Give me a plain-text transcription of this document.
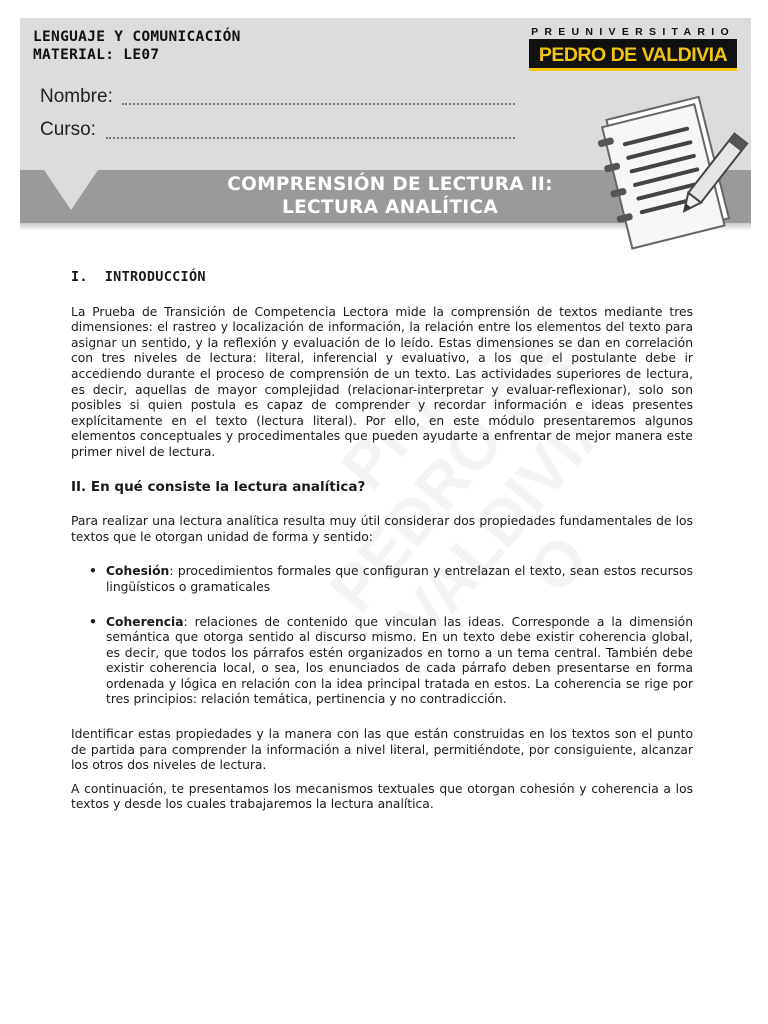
LENGUAJE Y COMUNICACIÓN
MATERIAL: LE07
PREUNIVERSITARIO
PEDRO DE VALDIVIA
Nombre:
Curso:
COMPRENSIÓN DE LECTURA II:
LECTURA ANALÍTICA
I.  INTRODUCCIÓN

La Prueba de Transición de Competencia Lectora mide la comprensión de textos mediante tres dimensiones: el rastreo y localización de información, la relación entre los elementos del texto para asignar un sentido, y la reflexión y evaluación de lo leído. Estas dimensiones se dan en correlación con tres niveles de lectura: literal, inferencial y evaluativo, a los que el postulante debe ir accediendo durante el proceso de comprensión de un texto. Las actividades superiores de lectura, es decir, aquellas de mayor complejidad (relacionar-interpretar y evaluar-reflexionar), solo son posibles si quien postula es capaz de comprender y recordar información e ideas presentes explícitamente en el texto (lectura literal). Por ello, en este módulo presentaremos algunos elementos conceptuales y procedimentales que pueden ayudarte a enfrentar de mejor manera este primer nivel de lectura.

II. En qué consiste la lectura analítica?

Para realizar una lectura analítica resulta muy útil considerar dos propiedades fundamentales de los textos que le otorgan unidad de forma y sentido:

• Cohesión: procedimientos formales que configuran y entrelazan el texto, sean estos recursos lingüísticos o gramaticales
• Coherencia: relaciones de contenido que vinculan las ideas. Corresponde a la dimensión semántica que otorga sentido al discurso mismo. En un texto debe existir coherencia global, es decir, que todos los párrafos estén organizados en torno a un tema central. También debe existir coherencia local, o sea, los enunciados de cada párrafo deben presentarse en forma ordenada y lógica en relación con la idea principal tratada en estos. La coherencia se rige por tres principios: relación temática, pertinencia y no contradicción.

Identificar estas propiedades y la manera con las que están construidas en los textos son el punto de partida para comprender la información a nivel literal, permitiéndote, por consiguiente, alcanzar los otros dos niveles de lectura.

A continuación, te presentamos los mecanismos textuales que otorgan cohesión y coherencia a los textos y desde los cuales trabajaremos la lectura analítica.
